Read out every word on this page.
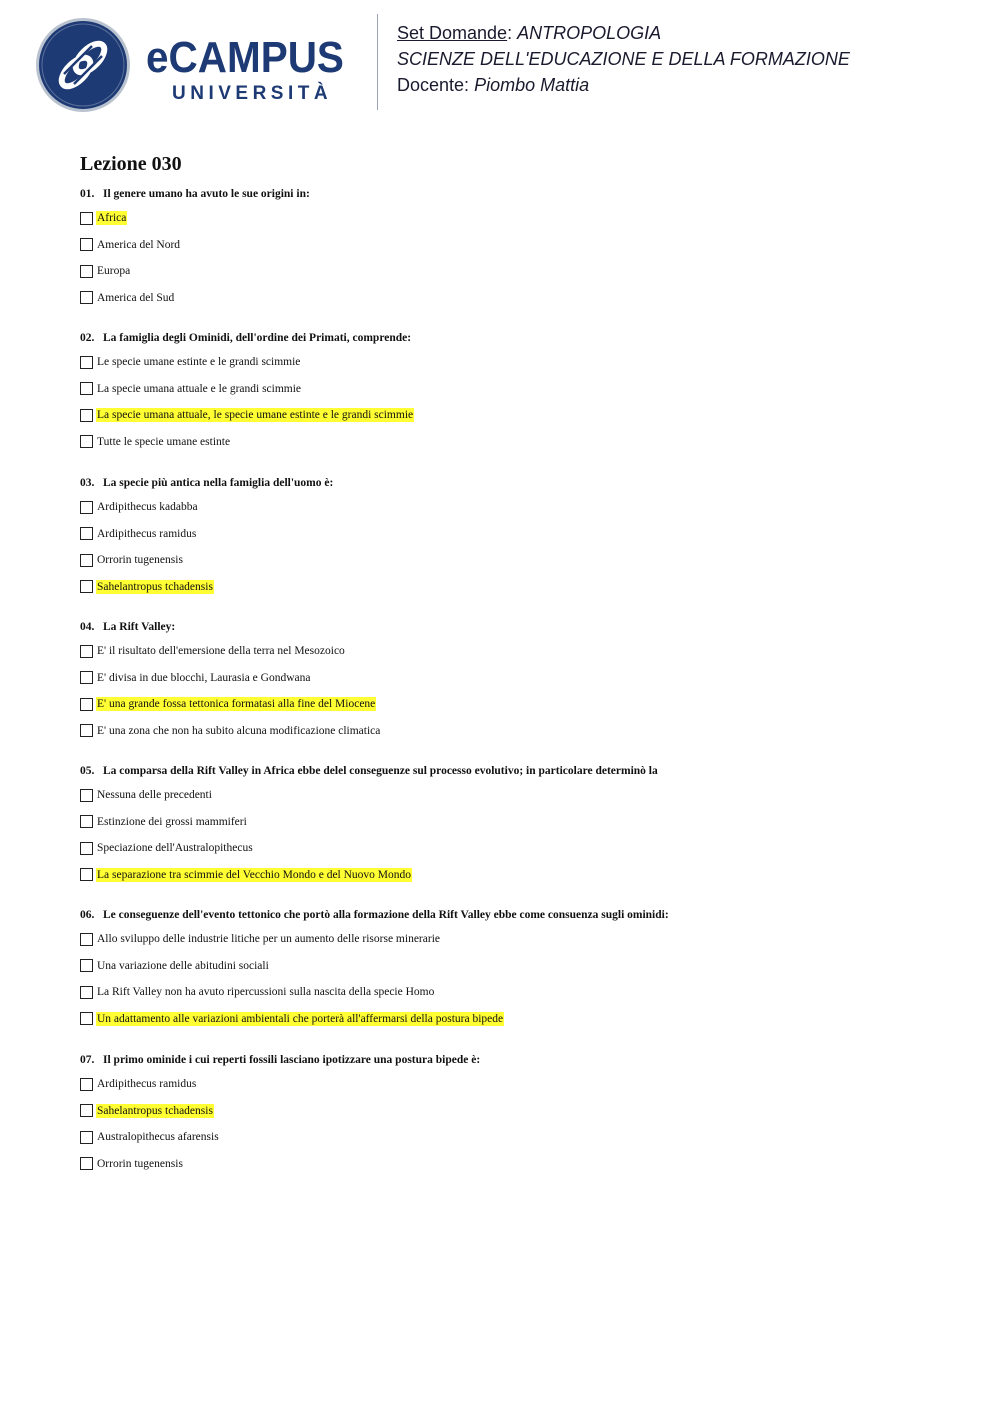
eCAMPUS
UNIVERSITÀ
Set Domande: ANTROPOLOGIA
SCIENZE DELL'EDUCAZIONE E DELLA FORMAZIONE
Docente: Piombo Mattia
Lezione 030
01. Il genere umano ha avuto le sue origini in:
Africa
America del Nord
Europa
America del Sud
02. La famiglia degli Ominidi, dell'ordine dei Primati, comprende:
Le specie umane estinte e le grandi scimmie
La specie umana attuale e le grandi scimmie
La specie umana attuale, le specie umane estinte e le grandi scimmie
Tutte le specie umane estinte
03. La specie più antica nella famiglia dell'uomo è:
Ardipithecus kadabba
Ardipithecus ramidus
Orrorin tugenensis
Sahelantropus tchadensis
04. La Rift Valley:
E' il risultato dell'emersione della terra nel Mesozoico
E' divisa in due blocchi, Laurasia e Gondwana
E' una grande fossa tettonica formatasi alla fine del Miocene
E' una zona che non ha subito alcuna modificazione climatica
05. La comparsa della Rift Valley in Africa ebbe delel conseguenze sul processo evolutivo; in particolare determinò la
Nessuna delle precedenti
Estinzione dei grossi mammiferi
Speciazione dell'Australopithecus
La separazione tra scimmie del Vecchio Mondo e del Nuovo Mondo
06. Le conseguenze dell'evento tettonico che portò alla formazione della Rift Valley ebbe come consuenza sugli ominidi:
Allo sviluppo delle industrie litiche per un aumento delle risorse minerarie
Una variazione delle abitudini sociali
La Rift Valley non ha avuto ripercussioni sulla nascita della specie Homo
Un adattamento alle variazioni ambientali che porterà all'affermarsi della postura bipede
07. Il primo ominide i cui reperti fossili lasciano ipotizzare una postura bipede è:
Ardipithecus ramidus
Sahelantropus tchadensis
Australopithecus afarensis
Orrorin tugenensis
